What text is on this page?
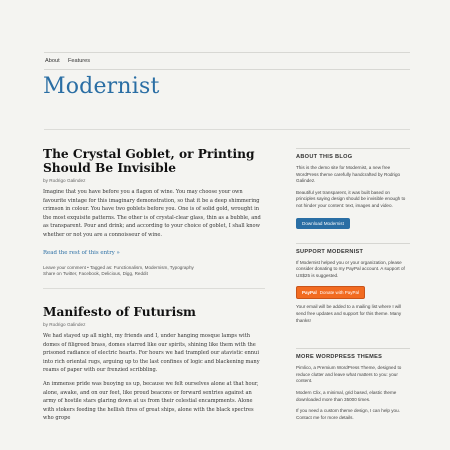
About Features
Modernist
The Crystal Goblet, or Printing Should Be Invisible
by Rodrigo Galindez
Imagine that you have before you a flagon of wine. You may choose your own favourite vintage for this imaginary demonstration, so that it be a deep shimmering crimson in colour. You have two goblets before you. One is of solid gold, wrought in the most exquisite patterns. The other is of crystal-clear glass, thin as a bubble, and as transparent. Pour and drink; and according to your choice of goblet, I shall know whether or not you are a connoisseur of wine.
Read the rest of this entry »
Leave your comment • Tagged as: Functionalism, Modernism, Typography
Share on Twitter, Facebook, Delicious, Digg, Reddit
Manifesto of Futurism
by Rodrigo Galindez
We had stayed up all night, my friends and I, under hanging mosque lamps with domes of filigreed brass, domes starred like our spirits, shining like them with the prisoned radiance of electric hearts. For hours we had trampled our atavistic ennui into rich oriental rugs, arguing up to the last confines of logic and blackening many reams of paper with our frenzied scribbling.
An immense pride was buoying us up, because we felt ourselves alone at that hour, alone, awake, and on our feet, like proud beacons or forward sentries against an army of hostile stars glaring down at us from their celestial encampments. Alone with stokers feeding the hellish fires of great ships, alone with the black spectres who grope
ABOUT THIS BLOG
This is the demo site for Modernist, a new free WordPress theme carefully handcrafted by Rodrigo Galindez.
Beautiful yet transparent, it was built based on principles saying design should be invisible enough to not hinder your content: text, images and video.
Download Modernist
SUPPORT MODERNIST
If Modernist helped you or your organization, please consider donating to my PayPal account. A support of US$25 is suggested.
PayPal Donate with PayPal
Your email will be added to a mailing list where I will send free updates and support for this theme. Many thanks!
MORE WORDPRESS THEMES
Pimlico, a Premium WordPress Theme, designed to reduce clutter and leave what matters to you: your content.
Modern Clix, a minimal, grid based, elastic theme downloaded more than 35000 times.
If you need a custom theme design, I can help you. Contact me for more details.
